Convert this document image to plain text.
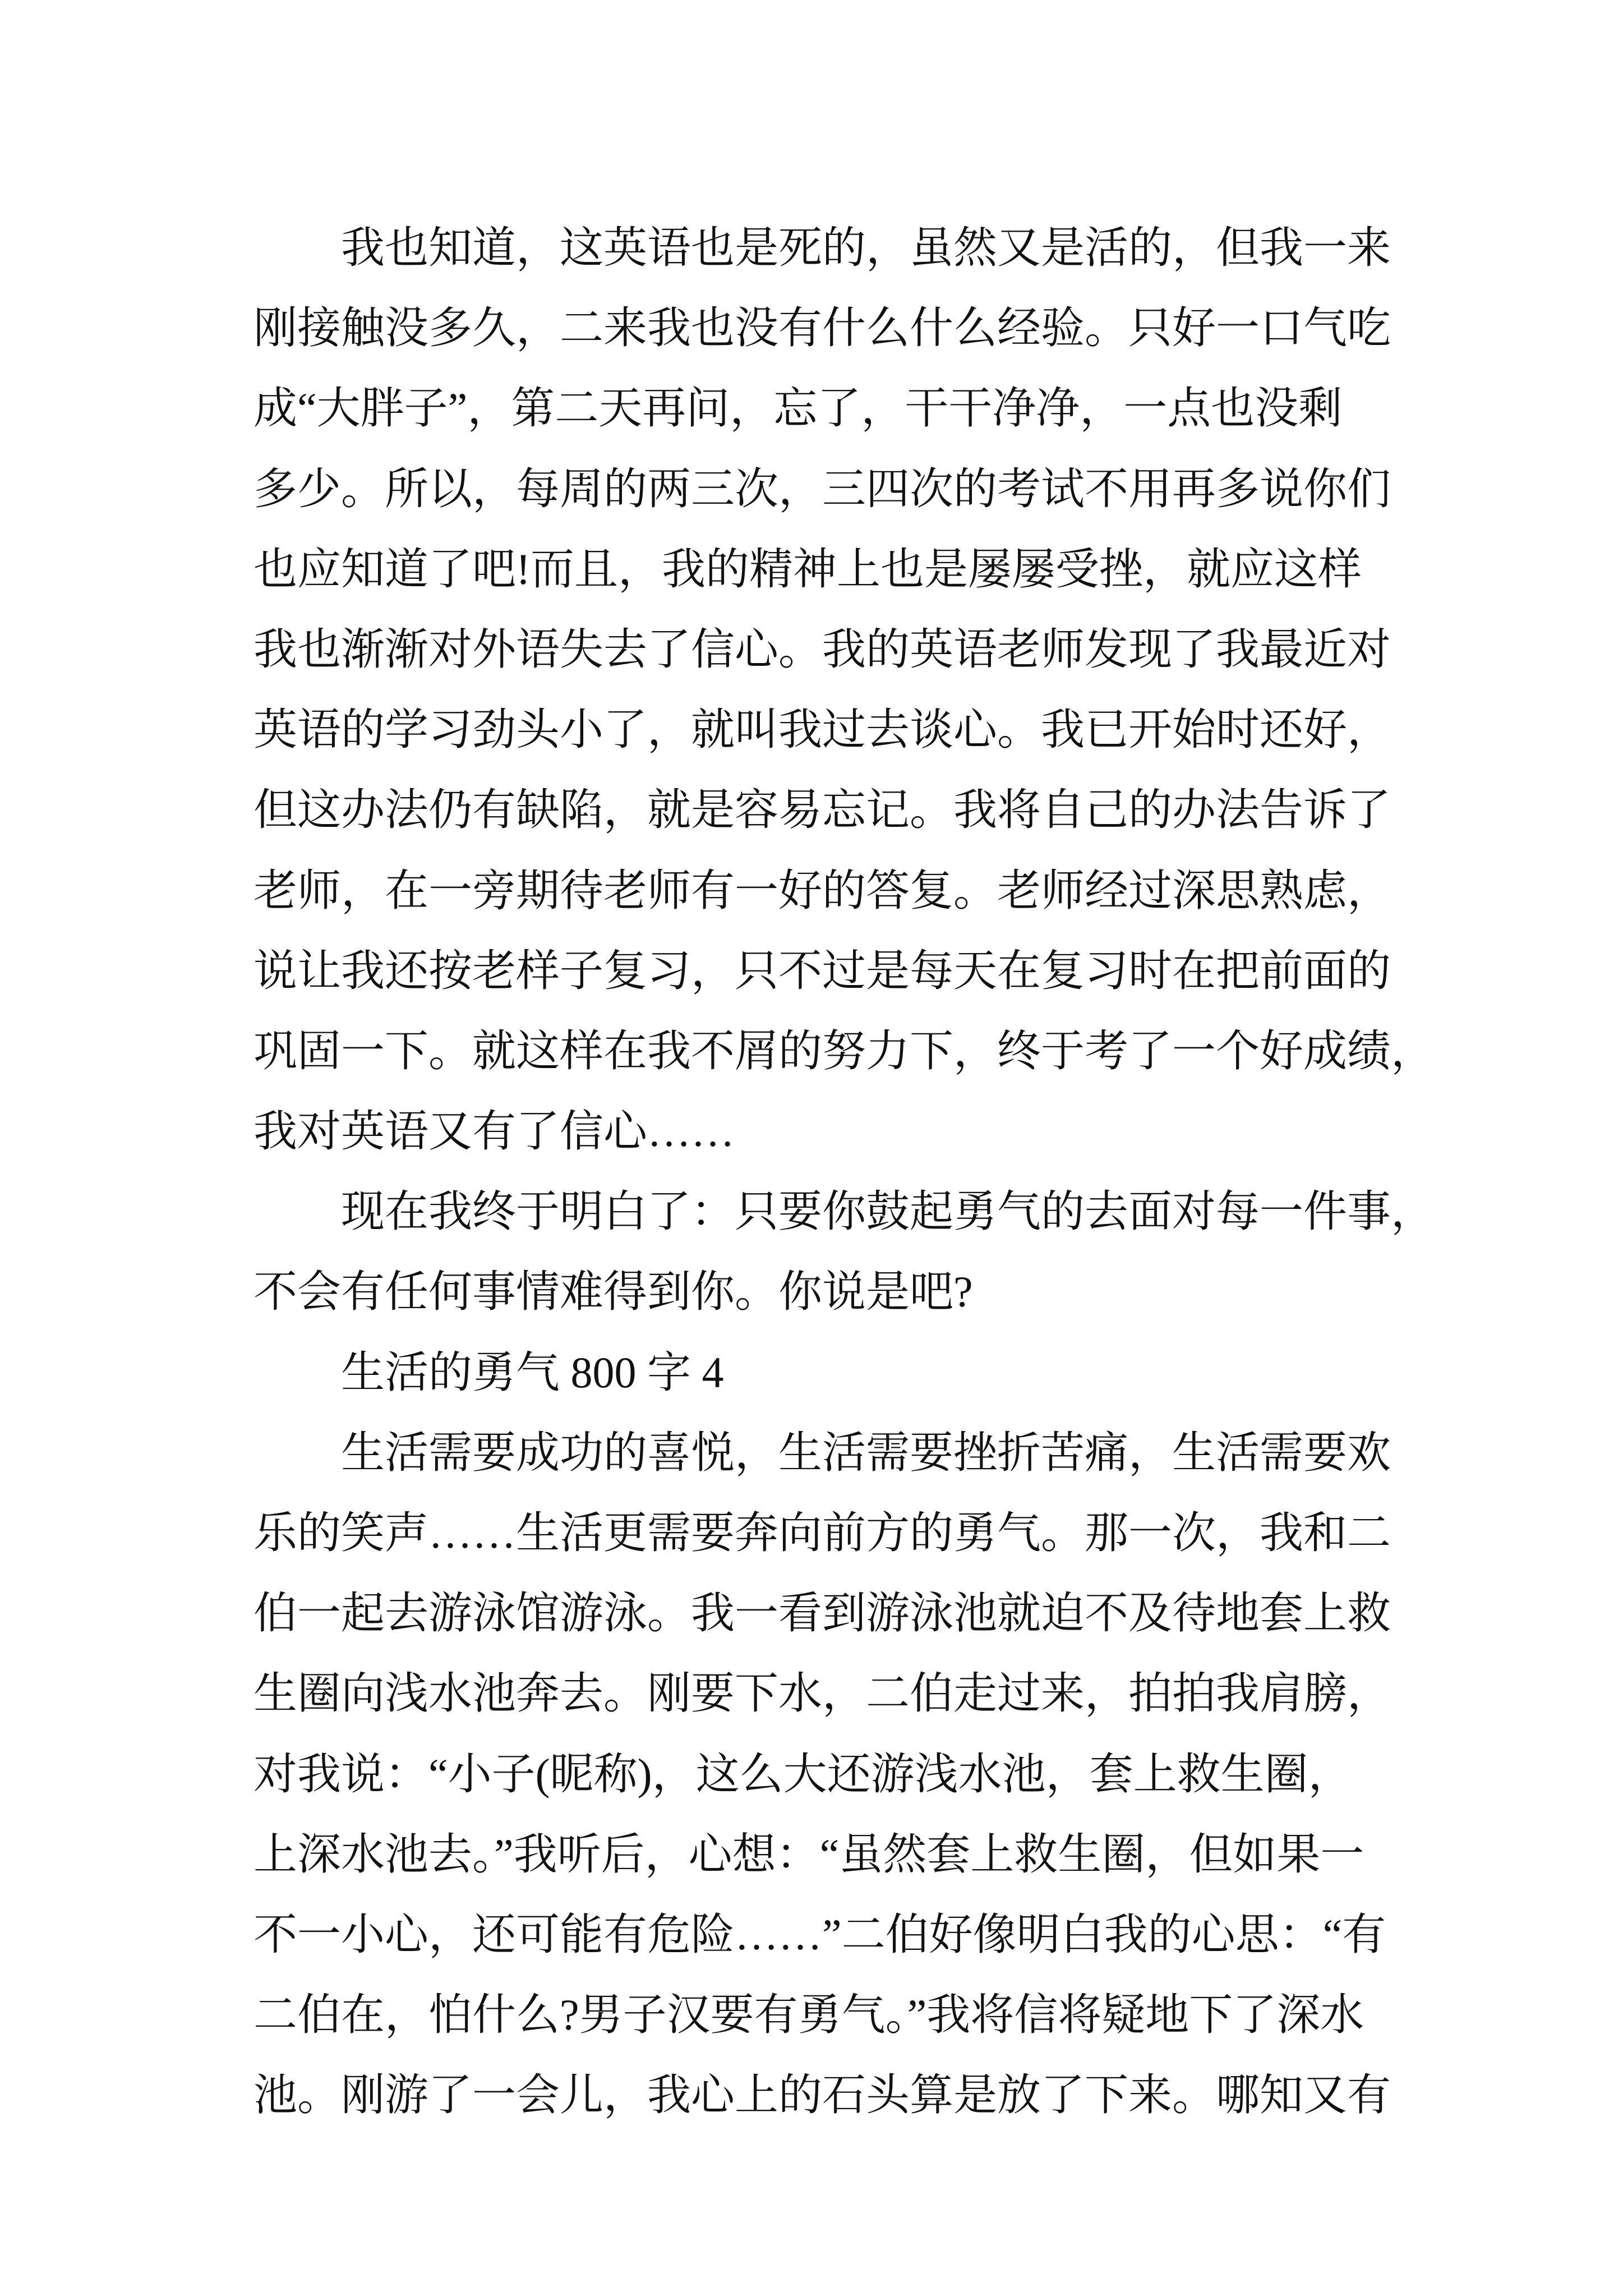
我也知道，这英语也是死的，虽然又是活的，但我一来
刚接触没多久，二来我也没有什么什么经验。只好一口气吃
成“大胖子”，第二天再问，忘了，干干净净，一点也没剩
多少。所以，每周的两三次，三四次的考试不用再多说你们
也应知道了吧!而且，我的精神上也是屡屡受挫，就应这样
我也渐渐对外语失去了信心。我的英语老师发现了我最近对
英语的学习劲头小了，就叫我过去谈心。我已开始时还好，
但这办法仍有缺陷，就是容易忘记。我将自己的办法告诉了
老师，在一旁期待老师有一好的答复。老师经过深思熟虑，
说让我还按老样子复习，只不过是每天在复习时在把前面的
巩固一下。就这样在我不屑的努力下，终于考了一个好成绩，
我对英语又有了信心……
现在我终于明白了：只要你鼓起勇气的去面对每一件事，
不会有任何事情难得到你。你说是吧?
生活的勇气 800 字 4
生活需要成功的喜悦，生活需要挫折苦痛，生活需要欢
乐的笑声……生活更需要奔向前方的勇气。那一次，我和二
伯一起去游泳馆游泳。我一看到游泳池就迫不及待地套上救
生圈向浅水池奔去。刚要下水，二伯走过来，拍拍我肩膀，
对我说：“小子(昵称)，这么大还游浅水池，套上救生圈，
上深水池去。”我听后，心想：“虽然套上救生圈，但如果一
不一小心，还可能有危险……”二伯好像明白我的心思：“有
二伯在，怕什么?男子汉要有勇气。”我将信将疑地下了深水
池。刚游了一会儿，我心上的石头算是放了下来。哪知又有
